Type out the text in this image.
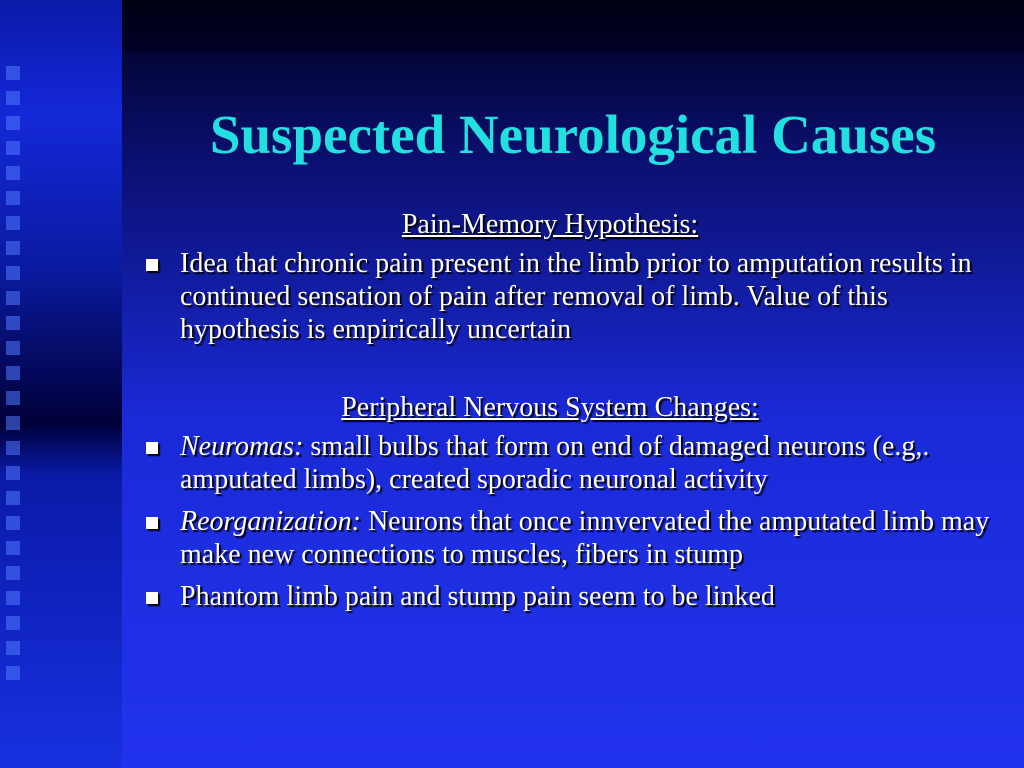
Suspected Neurological Causes
Pain-Memory Hypothesis:
Idea that chronic pain present in the limb prior to amputation results in continued sensation of pain after removal of limb. Value of this hypothesis is empirically uncertain
Peripheral Nervous System Changes:
Neuromas: small bulbs that form on end of damaged neurons (e.g,. amputated limbs), created sporadic neuronal activity
Reorganization: Neurons that once innvervated the amputated limb may make new connections to muscles, fibers in stump
Phantom limb pain and stump pain seem to be linked
